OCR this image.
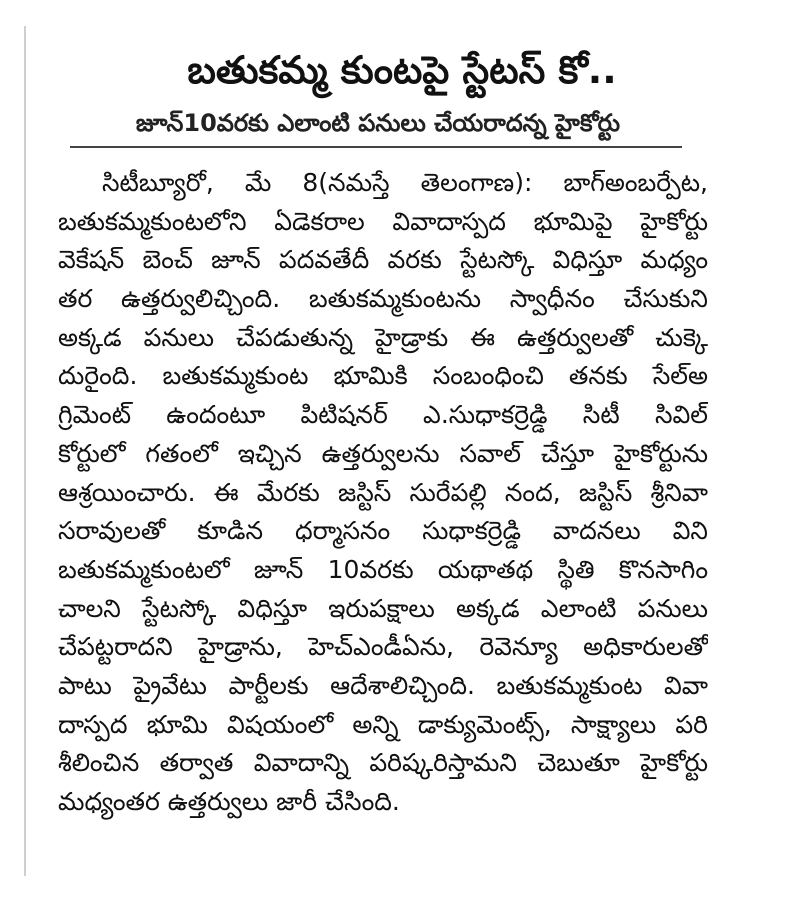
బతుకమ్మ కుంటపై స్టేటస్ కో..
జూన్10వరకు ఎలాంటి పనులు చేయరాదన్న హైకోర్టు
సిటీబ్యూరో, మే 8(నమస్తే తెలంగాణ): బాగ్అంబర్పేట,
బతుకమ్మకుంటలోని ఏడెకరాల వివాదాస్పద భూమిపై హైకోర్టు
వెకేషన్ బెంచ్ జూన్ పదవతేదీ వరకు స్టేటస్కో విధిస్తూ మధ్యం
తర ఉత్తర్వులిచ్చింది. బతుకమ్మకుంటను స్వాధీనం చేసుకుని
అక్కడ పనులు చేపడుతున్న హైడ్రాకు ఈ ఉత్తర్వులతో చుక్కె
దురైంది. బతుకమ్మకుంట భూమికి సంబంధించి తనకు సేల్అ
గ్రిమెంట్ ఉందంటూ పిటిషనర్ ఎ.సుధాకర్రెడ్డి సిటీ సివిల్
కోర్టులో గతంలో ఇచ్చిన ఉత్తర్వులను సవాల్ చేస్తూ హైకోర్టును
ఆశ్రయించారు. ఈ మేరకు జస్టిస్ సురేపల్లి నంద, జస్టిస్ శ్రీనివా
సరావులతో కూడిన ధర్మాసనం సుధాకర్రెడ్డి వాదనలు విని
బతుకమ్మకుంటలో జూన్ 10వరకు యథాతథ స్థితి కొనసాగిం
చాలని స్టేటస్కో విధిస్తూ ఇరుపక్షాలు అక్కడ ఎలాంటి పనులు
చేపట్టరాదని హైడ్రాను, హెచ్ఎండీఏను, రెవెన్యూ అధికారులతో
పాటు ప్రైవేటు పార్టీలకు ఆదేశాలిచ్చింది. బతుకమ్మకుంట వివా
దాస్పద భూమి విషయంలో అన్ని డాక్యుమెంట్స్, సాక్ష్యాలు పరి
శీలించిన తర్వాత వివాదాన్ని పరిష్కరిస్తామని చెబుతూ హైకోర్టు
మధ్యంతర ఉత్తర్వులు జారీ చేసింది.
